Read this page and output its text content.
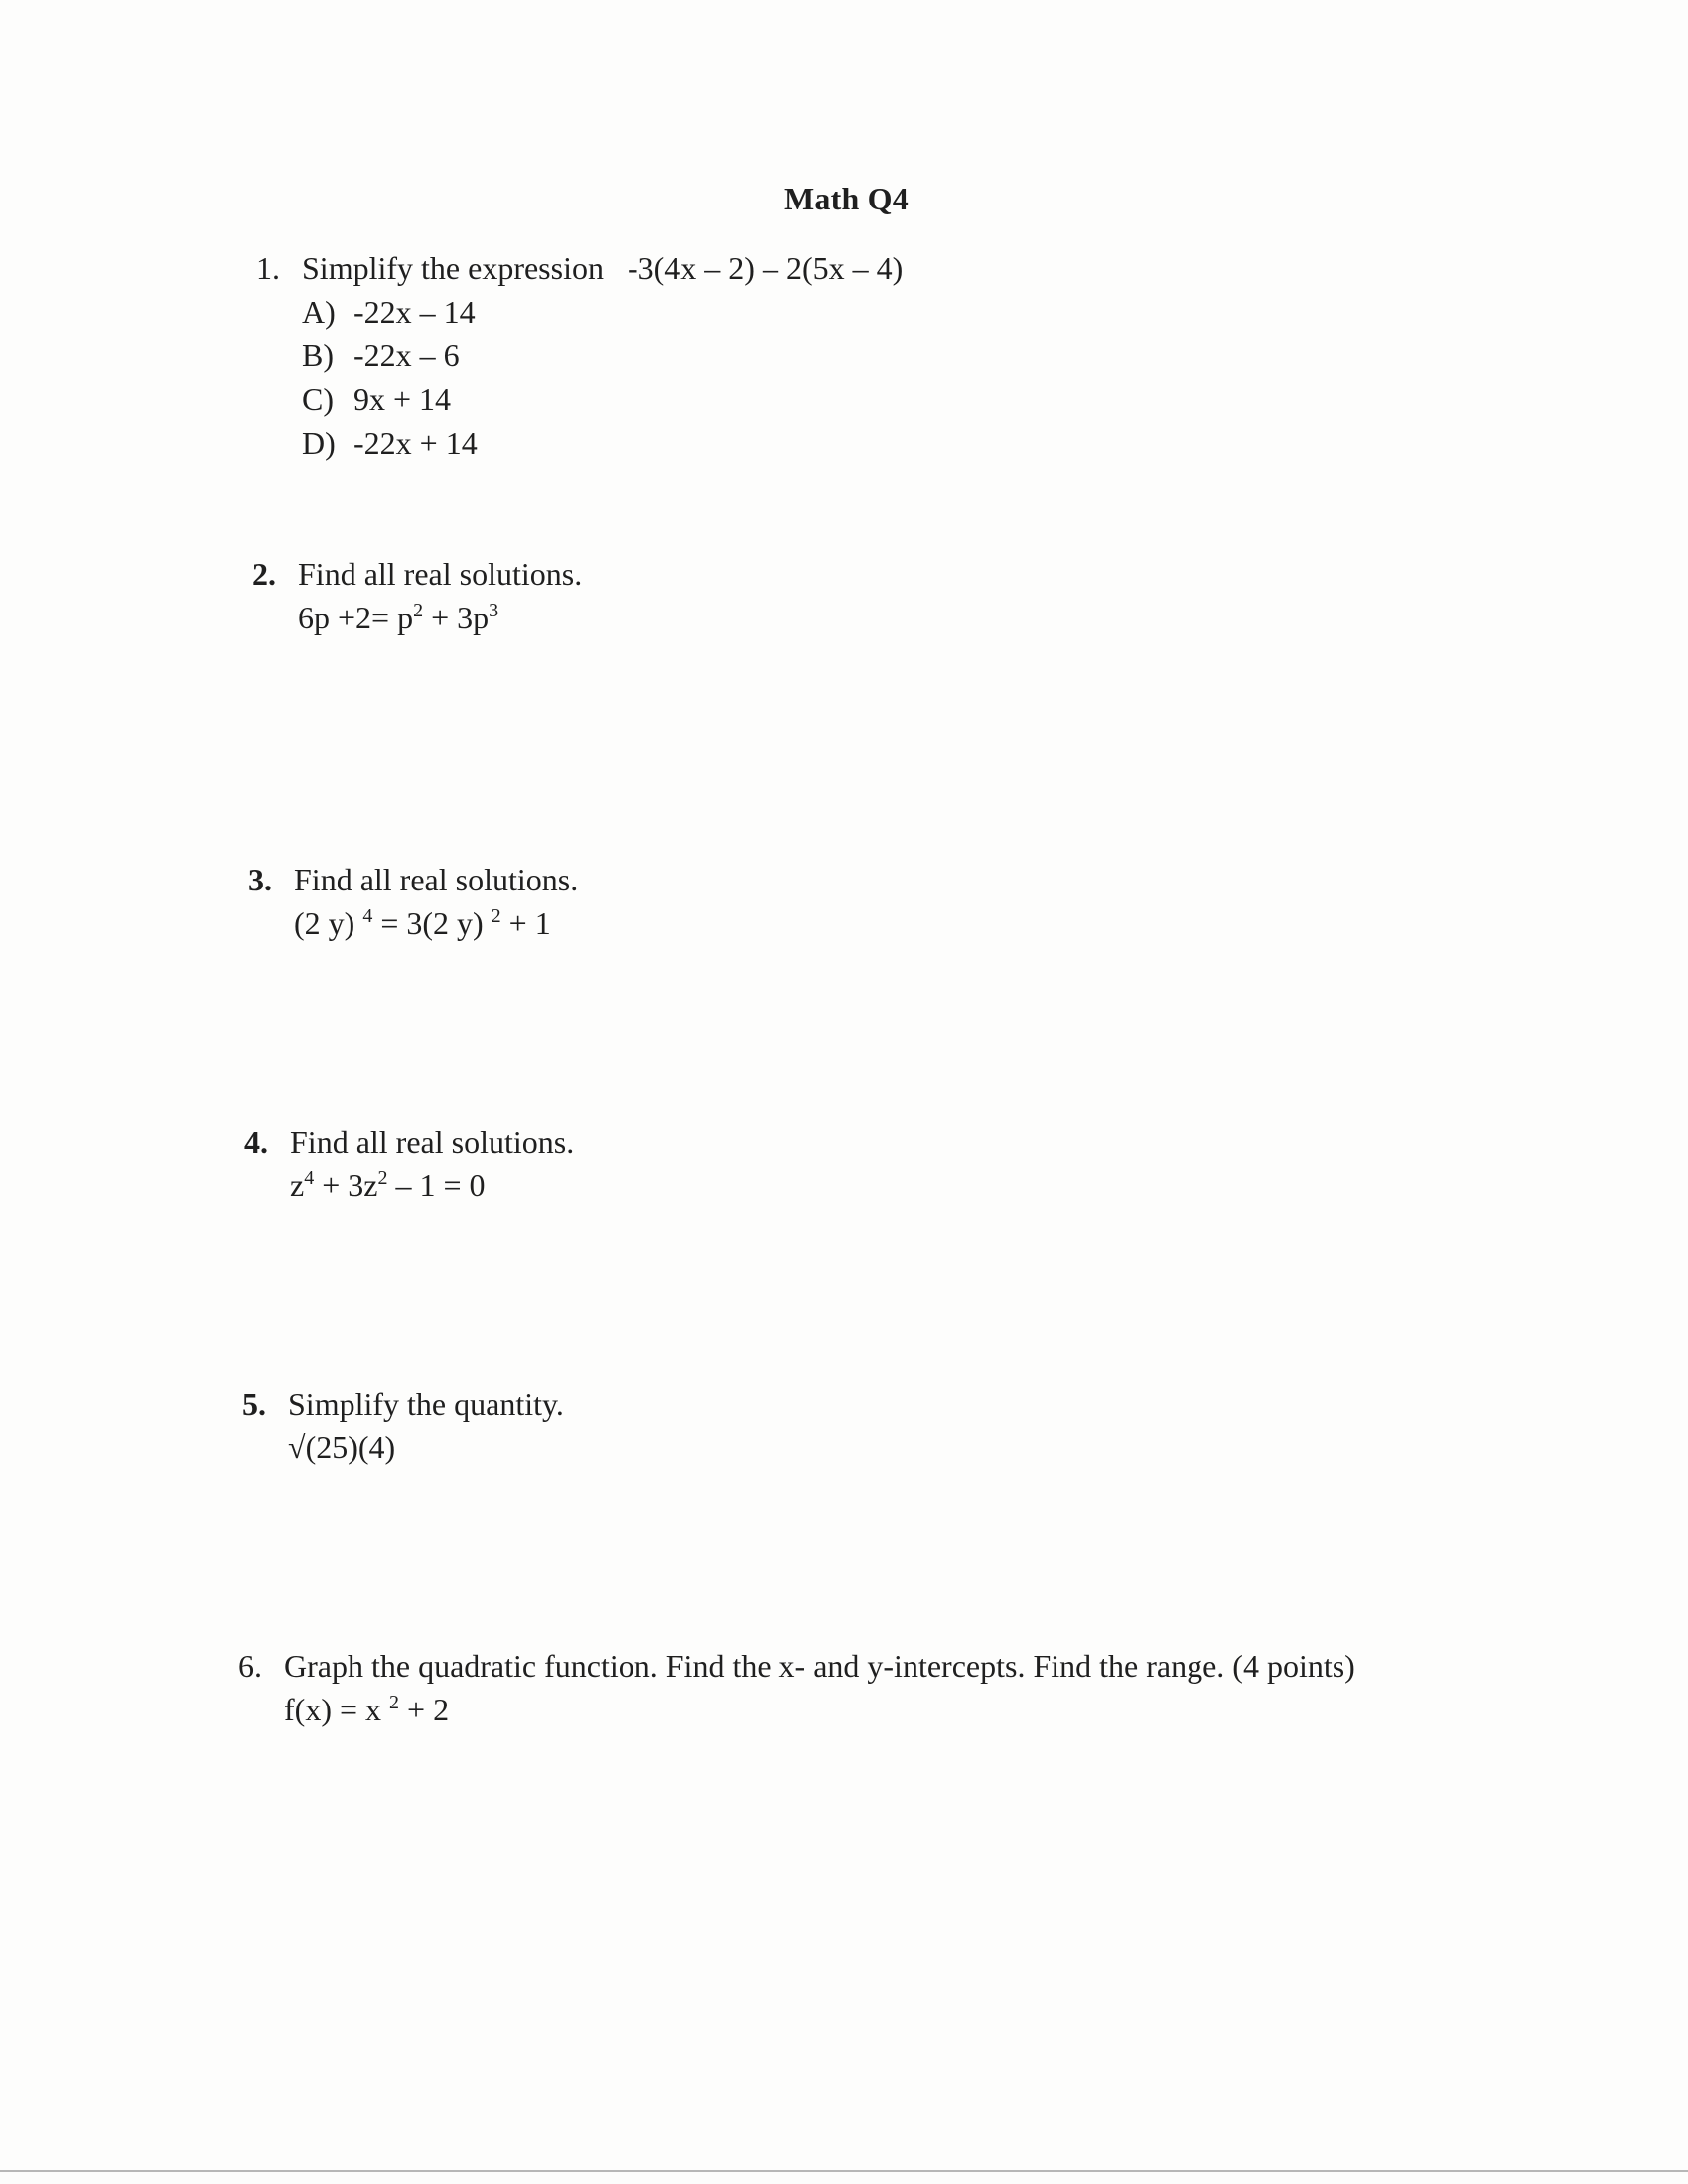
Math Q4
1. Simplify the expression -3(4x – 2) – 2(5x – 4)
A) -22x – 14
B) -22x – 6
C) 9x + 14
D) -22x + 14
2. Find all real solutions.
$6p +2= p^2 + 3p^3$
3. Find all real solutions.
(2 y) $^4$ = 3(2 y) $^2$ + 1
4. Find all real solutions.
$z^4 + 3z^2 - 1 = 0$
5. Simplify the quantity.
√(25)(4)
6. Graph the quadratic function. Find the x- and y-intercepts. Find the range. (4 points)
f(x) = x $^2$ + 2
